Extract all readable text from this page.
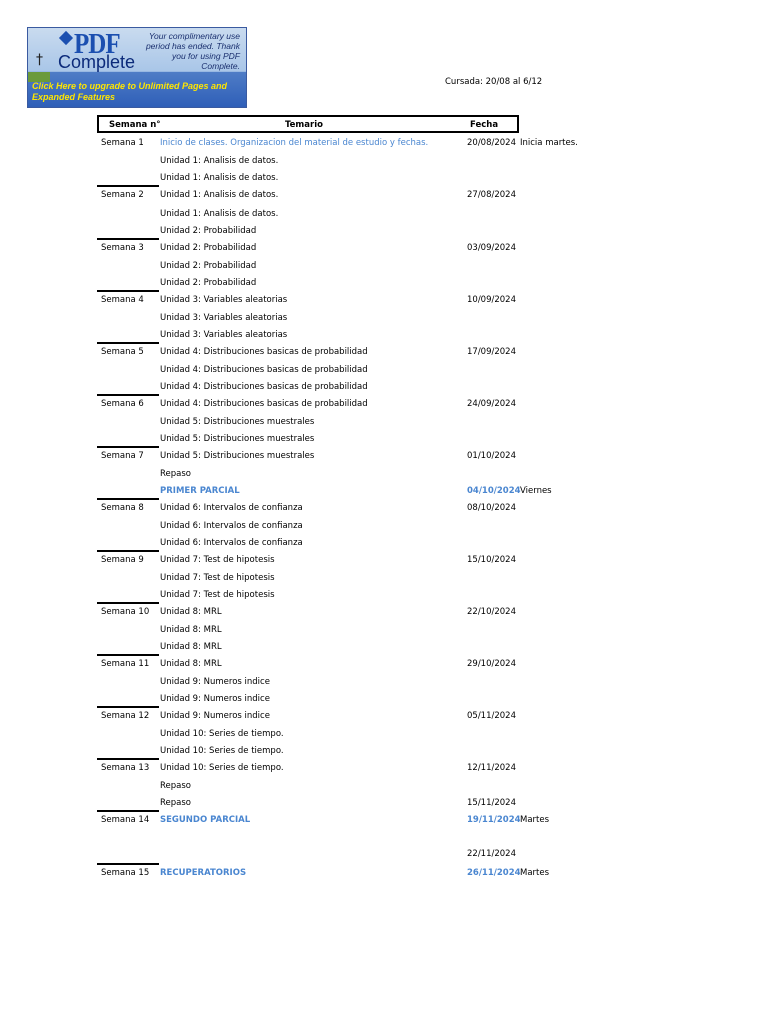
† PDF
Complete
Your complimentary use period has ended. Thank you for using PDF Complete.
Click Here to upgrade to Unlimited Pages and Expanded Features
Cursada: 20/08 al 6/12
Semana n°	Temario	Fecha
Semana 1 Inicio de clases. Organizacion del material de estudio y fechas.	20/08/2024 Inicia martes.
Unidad 1: Analisis de datos.
Unidad 1: Analisis de datos.
Semana 2 Unidad 1: Analisis de datos.	27/08/2024
Unidad 1: Analisis de datos.
Unidad 2: Probabilidad
Semana 3 Unidad 2: Probabilidad	03/09/2024
Unidad 2: Probabilidad
Unidad 2: Probabilidad
Semana 4 Unidad 3: Variables aleatorias	10/09/2024
Unidad 3: Variables aleatorias
Unidad 3: Variables aleatorias
Semana 5 Unidad 4: Distribuciones basicas de probabilidad	17/09/2024
Unidad 4: Distribuciones basicas de probabilidad
Unidad 4: Distribuciones basicas de probabilidad
Semana 6 Unidad 4: Distribuciones basicas de probabilidad	24/09/2024
Unidad 5: Distribuciones muestrales
Unidad 5: Distribuciones muestrales
Semana 7 Unidad 5: Distribuciones muestrales	01/10/2024
Repaso
PRIMER PARCIAL	04/10/2024 Viernes
Semana 8 Unidad 6: Intervalos de confianza	08/10/2024
Unidad 6: Intervalos de confianza
Unidad 6: Intervalos de confianza
Semana 9 Unidad 7: Test de hipotesis	15/10/2024
Unidad 7: Test de hipotesis
Unidad 7: Test de hipotesis
Semana 10 Unidad 8: MRL	22/10/2024
Unidad 8: MRL
Unidad 8: MRL
Semana 11 Unidad 8: MRL	29/10/2024
Unidad 9: Numeros indice
Unidad 9: Numeros indice
Semana 12 Unidad 9: Numeros indice	05/11/2024
Unidad 10: Series de tiempo.
Unidad 10: Series de tiempo.
Semana 13 Unidad 10: Series de tiempo.	12/11/2024
Repaso
Repaso	15/11/2024
Semana 14 SEGUNDO PARCIAL	19/11/2024 Martes
22/11/2024
Semana 15 RECUPERATORIOS	26/11/2024 Martes
